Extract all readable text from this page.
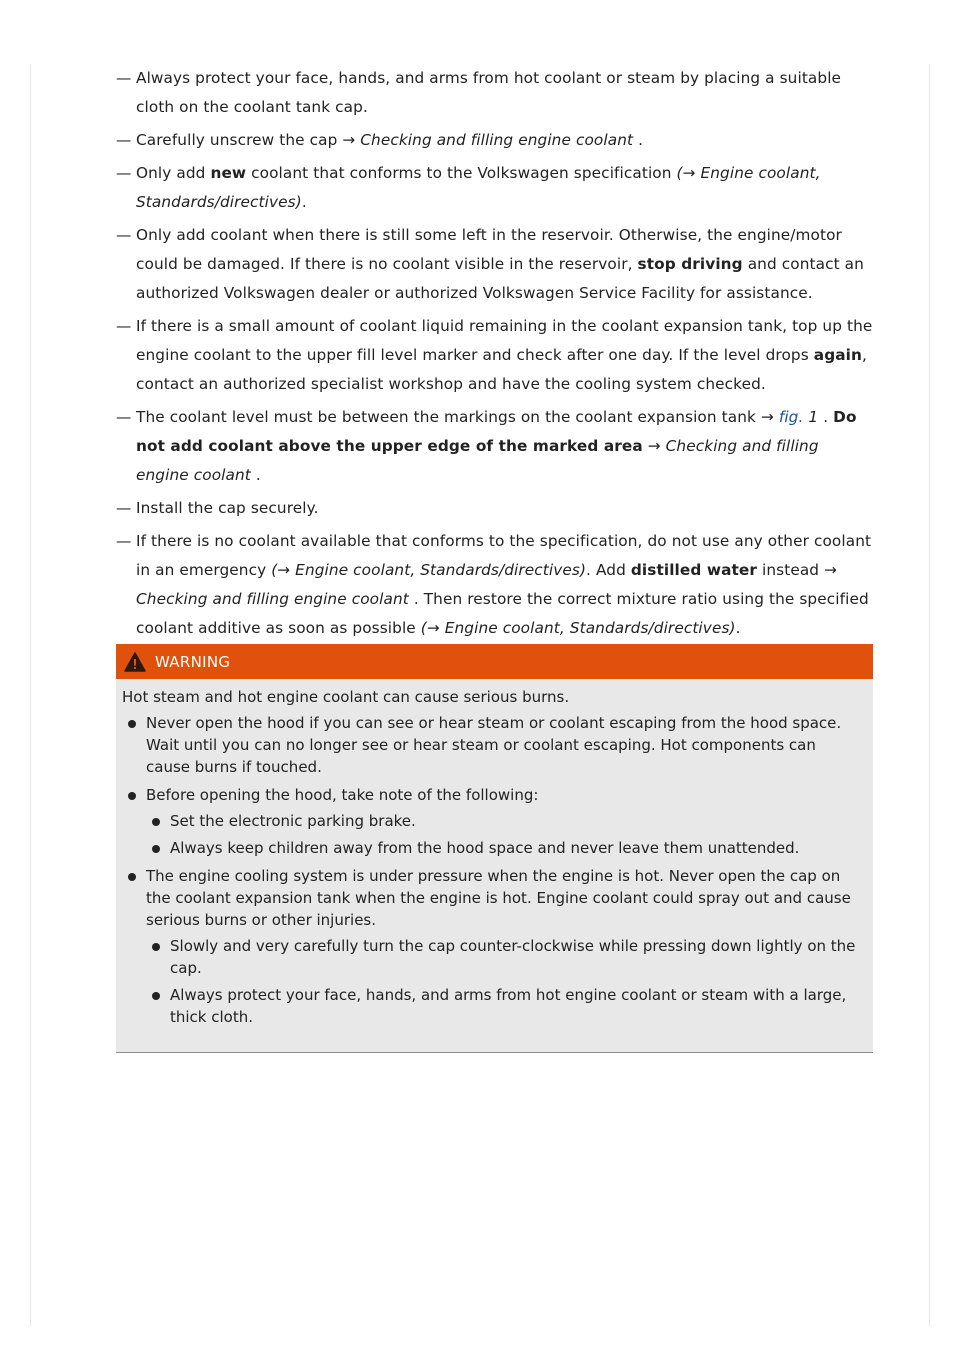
— Always protect your face, hands, and arms from hot coolant or steam by placing a suitable cloth on the coolant tank cap.
— Carefully unscrew the cap → Checking and filling engine coolant .
— Only add new coolant that conforms to the Volkswagen specification (→ Engine coolant, Standards/directives).
— Only add coolant when there is still some left in the reservoir. Otherwise, the engine/motor could be damaged. If there is no coolant visible in the reservoir, stop driving and contact an authorized Volkswagen dealer or authorized Volkswagen Service Facility for assistance.
— If there is a small amount of coolant liquid remaining in the coolant expansion tank, top up the engine coolant to the upper fill level marker and check after one day. If the level drops again, contact an authorized specialist workshop and have the cooling system checked.
— The coolant level must be between the markings on the coolant expansion tank → fig. 1 . Do not add coolant above the upper edge of the marked area → Checking and filling engine coolant .
— Install the cap securely.
— If there is no coolant available that conforms to the specification, do not use any other coolant in an emergency (→ Engine coolant, Standards/directives). Add distilled water instead → Checking and filling engine coolant . Then restore the correct mixture ratio using the specified coolant additive as soon as possible (→ Engine coolant, Standards/directives).
WARNING
Hot steam and hot engine coolant can cause serious burns.
Never open the hood if you can see or hear steam or coolant escaping from the hood space. Wait until you can no longer see or hear steam or coolant escaping. Hot components can cause burns if touched.
Before opening the hood, take note of the following:
Set the electronic parking brake.
Always keep children away from the hood space and never leave them unattended.
The engine cooling system is under pressure when the engine is hot. Never open the cap on the coolant expansion tank when the engine is hot. Engine coolant could spray out and cause serious burns or other injuries.
Slowly and very carefully turn the cap counter-clockwise while pressing down lightly on the cap.
Always protect your face, hands, and arms from hot engine coolant or steam with a large, thick cloth.
